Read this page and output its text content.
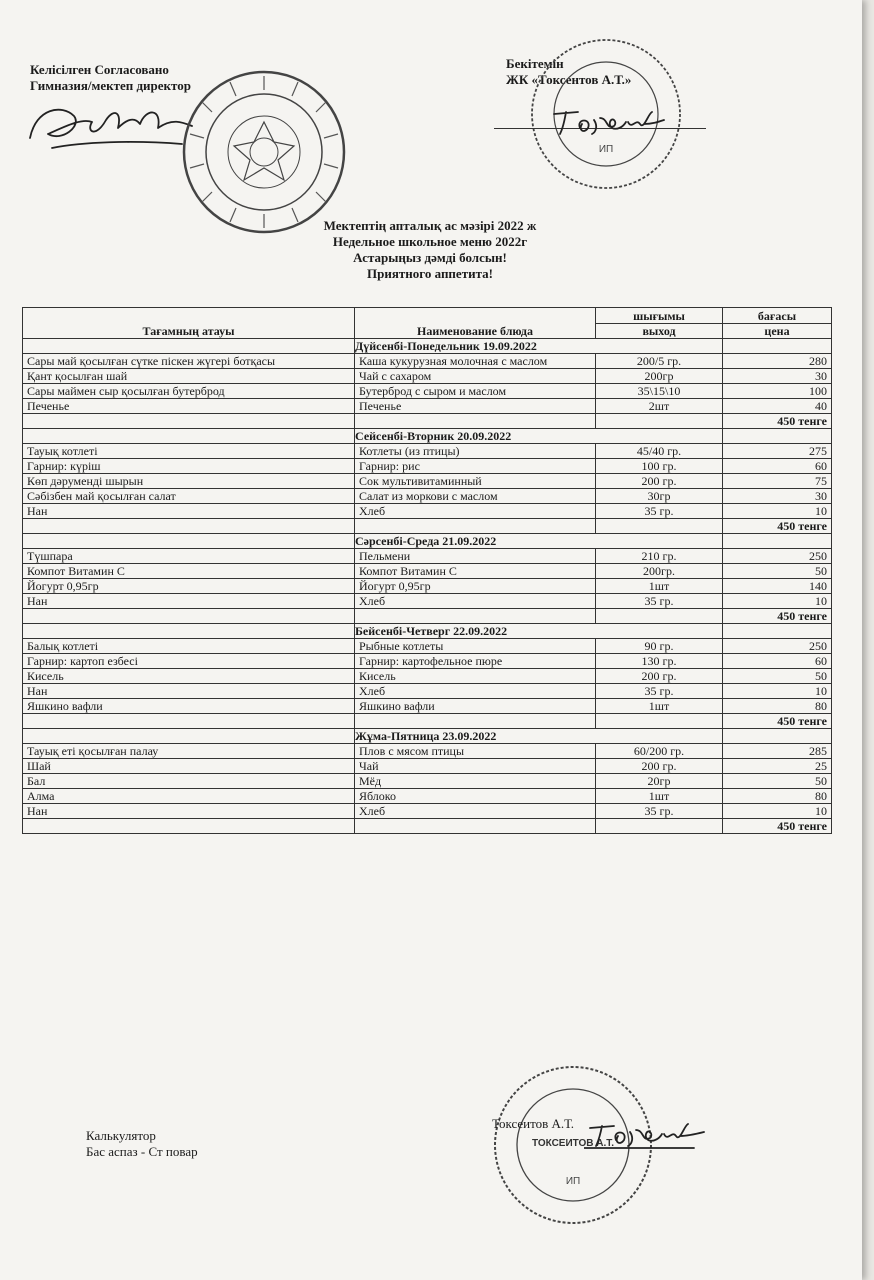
Келісілген Согласовано
Гимназия/мектеп директор
Бекітемін
ЖК «Токсентов А.Т.»
ИП
Мектептің апталық ас мәзірі 2022 ж
Недельное школьное меню 2022г
Астарыңыз дәмді болсын!
Приятного аппетита!
Тағамның атауы	Наименование блюда	шығымы	бағасы
		выход	цена
	Дүйсенбі-Понедельник 19.09.2022		
Сары май қосылған сүтке піскен жүгері ботқасы	Каша кукурузная молочная с маслом	200/5 гр.	280
Қант қосылған шай	Чай с сахаром	200гр	30
Сары маймен сыр қосылған бутерброд	Бутерброд с сыром и маслом	35\15\10	100
Печенье	Печенье	2шт	40
			450 тенге
	Сейсенбі-Вторник 20.09.2022		
Тауық котлеті	Котлеты (из птицы)	45/40 гр.	275
Гарнир: күріш	Гарнир: рис	100 гр.	60
Көп дәрумендi шырын	Сок мультивитаминный	200 гр.	75
Сәбізбен май қосылған салат	Салат из моркови с маслом	30гр	30
Нан	Хлеб	35 гр.	10
			450 тенге
	Сәрсенбі-Среда 21.09.2022		
Түшпара	Пельмени	210 гр.	250
Компот Витамин С	Компот Витамин С	200гр.	50
Йогурт 0,95гр	Йогурт 0,95гр	1шт	140
Нан	Хлеб	35 гр.	10
			450 тенге
	Бейсенбі-Четверг 22.09.2022		
Балық котлеті	Рыбные котлеты	90 гр.	250
Гарнир: картоп езбесі	Гарнир: картофельное пюре	130 гр.	60
Кисель	Кисель	200 гр.	50
Нан	Хлеб	35 гр.	10
Яшкино вафли	Яшкино вафли	1шт	80
			450 тенге
	Жұма-Пятница 23.09.2022		
Тауық еті қосылған палау	Плов с мясом птицы	60/200 гр.	285
Шай	Чай	200 гр.	25
Бал	Мёд	20гр	50
Алма	Яблоко	1шт	80
Нан	Хлеб	35 гр.	10
			450 тенге
ТОКСЕИТОВ А.Т.
ИП
Калькулятор
Бас аспаз - Ст повар
Токсеитов А.Т.
